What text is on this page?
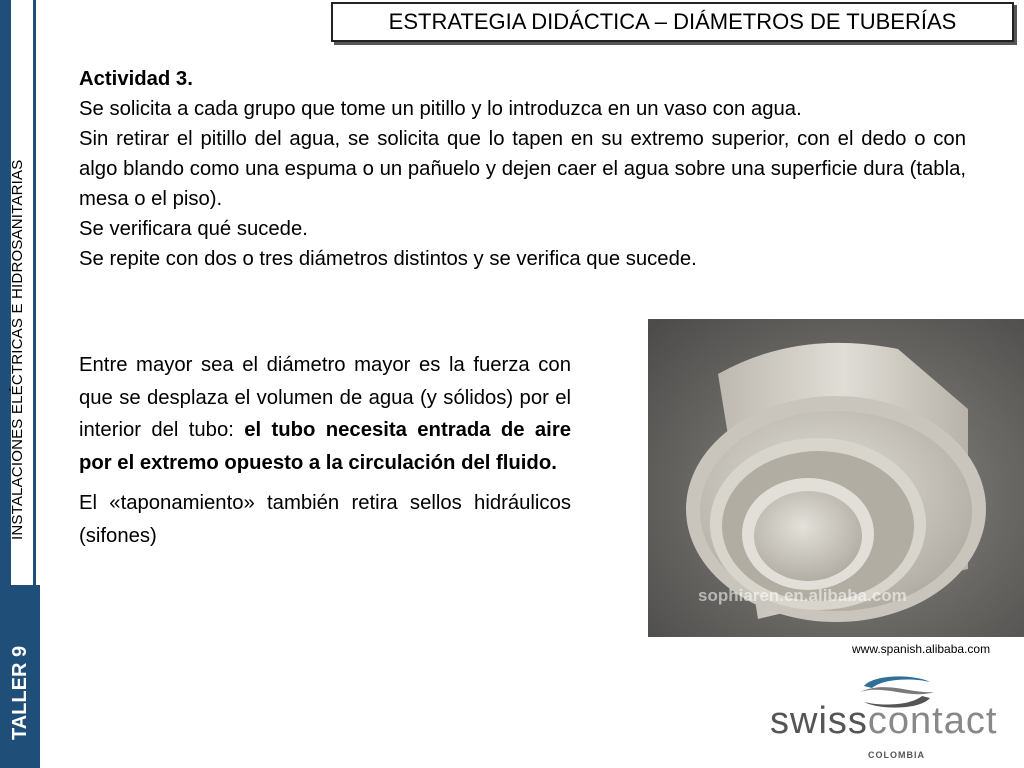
INSTALACIONES ELÉCTRICAS E HIDROSANITARIAS
TALLER 9
ESTRATEGIA DIDÁCTICA – DIÁMETROS DE TUBERÍAS

Actividad 3.

Se solicita a cada grupo que tome un pitillo y lo introduzca en un vaso con agua.

Sin retirar el pitillo del agua, se solicita que lo tapen en su extremo superior, con el dedo o con algo blando como una espuma o un pañuelo y dejen caer el agua sobre una superficie dura (tabla, mesa o el piso).

Se verificara qué sucede.

Se repite con dos o tres diámetros distintos y se verifica que sucede.

Entre mayor sea el diámetro mayor es la fuerza con que se desplaza el volumen de agua (y sólidos) por el interior del tubo: el tubo necesita entrada de aire por el extremo opuesto a la circulación del fluido.

El «taponamiento» también retira sellos hidráulicos (sifones)

sophiaren.en.alibaba.com
www.spanish.alibaba.com
swisscontact
COLOMBIA
